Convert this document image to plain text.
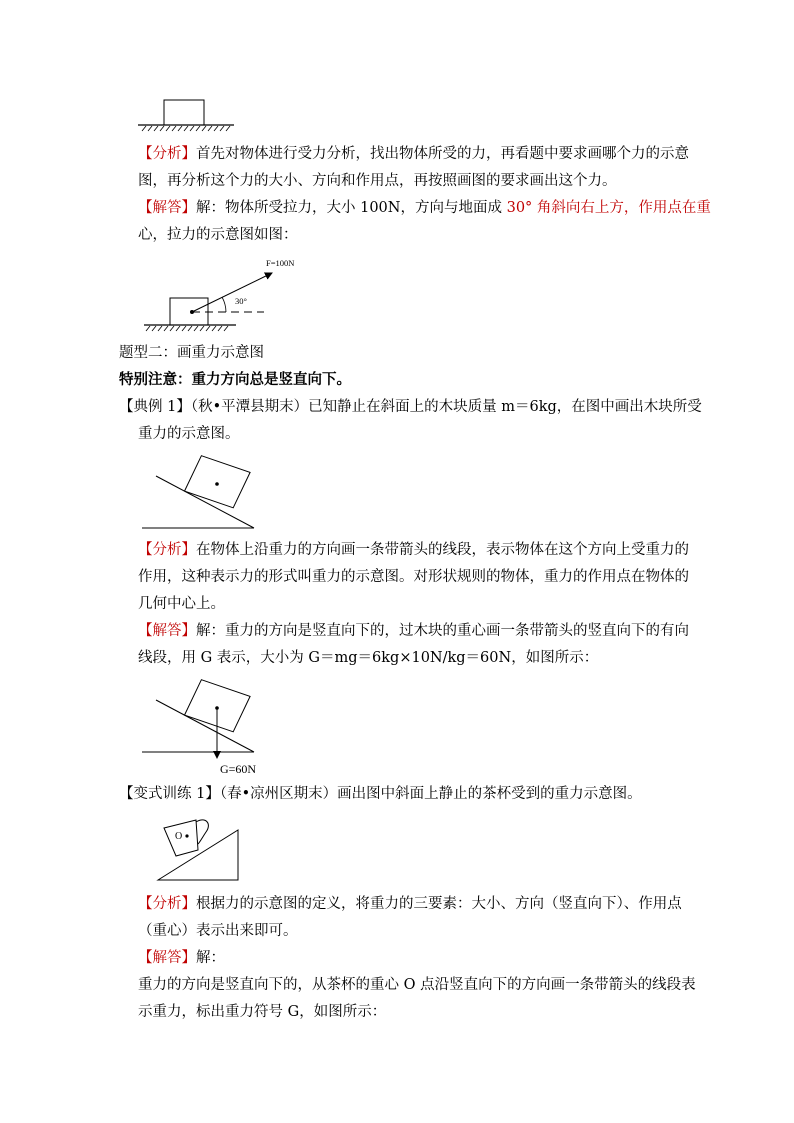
【分析】首先对物体进行受力分析，找出物体所受的力，再看题中要求画哪个力的示意
图，再分析这个力的大小、方向和作用点，再按照画图的要求画出这个力。
【解答】解：物体所受拉力，大小 100N，方向与地面成 30° 角斜向右上方，作用点在重
心，拉力的示意图如图：
F=100N
30°
题型二：画重力示意图
特别注意：重力方向总是竖直向下。
【典例 1】（秋•平潭县期末）已知静止在斜面上的木块质量 m＝6kg，在图中画出木块所受
重力的示意图。
【分析】在物体上沿重力的方向画一条带箭头的线段，表示物体在这个方向上受重力的
作用，这种表示力的形式叫重力的示意图。对形状规则的物体，重力的作用点在物体的
几何中心上。
【解答】解：重力的方向是竖直向下的，过木块的重心画一条带箭头的竖直向下的有向
线段，用 G 表示，大小为 G＝mg＝6kg×10N/kg＝60N，如图所示：
G=60N
【变式训练 1】（春•凉州区期末）画出图中斜面上静止的茶杯受到的重力示意图。
O
【分析】根据力的示意图的定义，将重力的三要素：大小、方向（竖直向下）、作用点
（重心）表示出来即可。
【解答】解：
重力的方向是竖直向下的，从茶杯的重心 O 点沿竖直向下的方向画一条带箭头的线段表
示重力，标出重力符号 G，如图所示：
